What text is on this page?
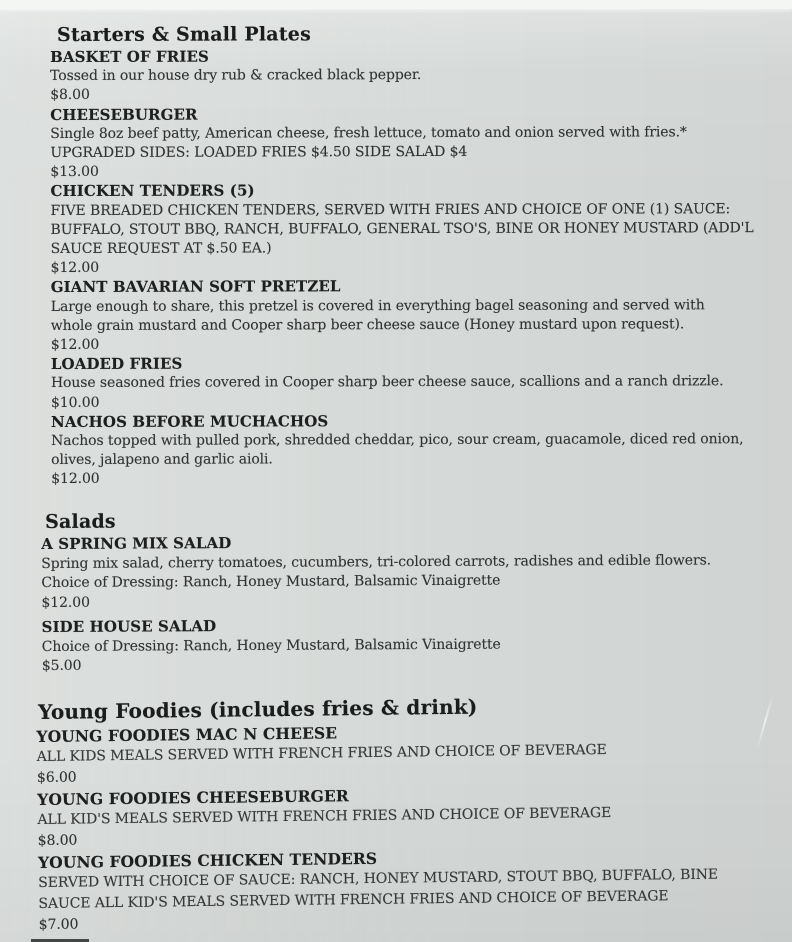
Starters & Small Plates
BASKET OF FRIES
Tossed in our house dry rub & cracked black pepper.
$8.00
CHEESEBURGER
Single 8oz beef patty, American cheese, fresh lettuce, tomato and onion served with fries.*
UPGRADED SIDES: LOADED FRIES $4.50 SIDE SALAD $4
$13.00
CHICKEN TENDERS (5)
FIVE BREADED CHICKEN TENDERS, SERVED WITH FRIES AND CHOICE OF ONE (1) SAUCE:
BUFFALO, STOUT BBQ, RANCH, BUFFALO, GENERAL TSO'S, BINE OR HONEY MUSTARD (ADD'L
SAUCE REQUEST AT $.50 EA.)
$12.00
GIANT BAVARIAN SOFT PRETZEL
Large enough to share, this pretzel is covered in everything bagel seasoning and served with
whole grain mustard and Cooper sharp beer cheese sauce (Honey mustard upon request).
$12.00
LOADED FRIES
House seasoned fries covered in Cooper sharp beer cheese sauce, scallions and a ranch drizzle.
$10.00
NACHOS BEFORE MUCHACHOS
Nachos topped with pulled pork, shredded cheddar, pico, sour cream, guacamole, diced red onion,
olives, jalapeno and garlic aioli.
$12.00
Salads
A SPRING MIX SALAD
Spring mix salad, cherry tomatoes, cucumbers, tri-colored carrots, radishes and edible flowers.
Choice of Dressing: Ranch, Honey Mustard, Balsamic Vinaigrette
$12.00
SIDE HOUSE SALAD
Choice of Dressing: Ranch, Honey Mustard, Balsamic Vinaigrette
$5.00
Young Foodies (includes fries & drink)
YOUNG FOODIES MAC N CHEESE
ALL KIDS MEALS SERVED WITH FRENCH FRIES AND CHOICE OF BEVERAGE
$6.00
YOUNG FOODIES CHEESEBURGER
ALL KID'S MEALS SERVED WITH FRENCH FRIES AND CHOICE OF BEVERAGE
$8.00
YOUNG FOODIES CHICKEN TENDERS
SERVED WITH CHOICE OF SAUCE: RANCH, HONEY MUSTARD, STOUT BBQ, BUFFALO, BINE
SAUCE ALL KID'S MEALS SERVED WITH FRENCH FRIES AND CHOICE OF BEVERAGE
$7.00
